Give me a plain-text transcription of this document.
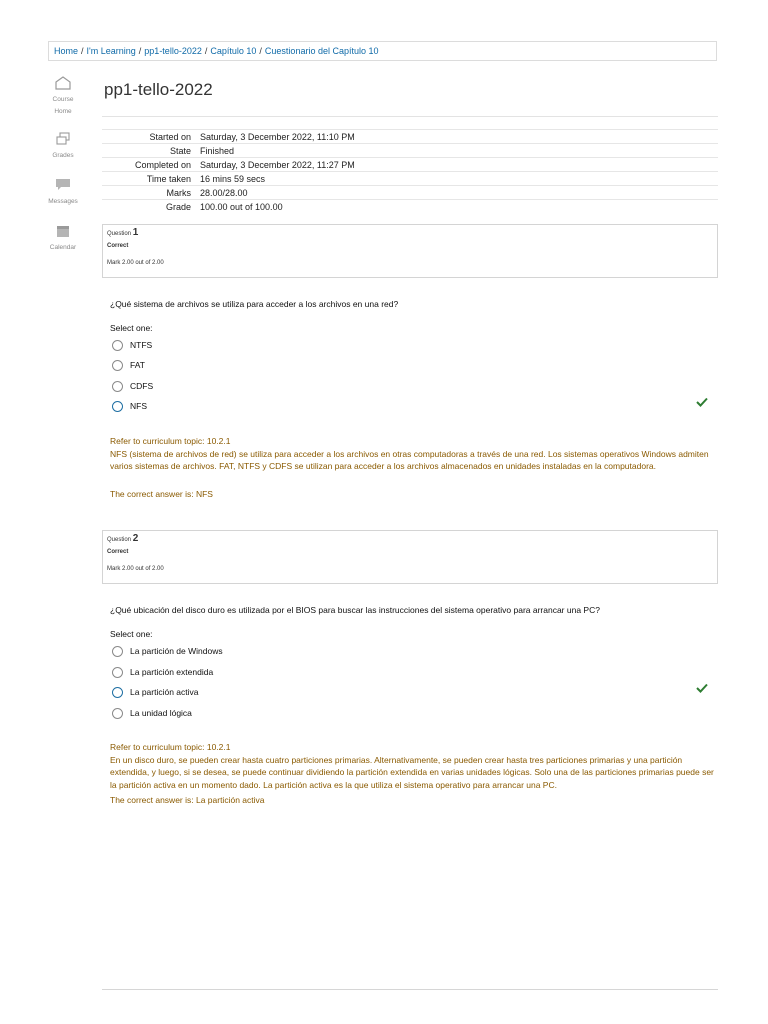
Home / I'm Learning / pp1-tello-2022 / Capítulo 10 / Cuestionario del Capítulo 10
Course
Home
Grades
Messages
Calendar
pp1-tello-2022
Started on	Saturday, 3 December 2022, 11:10 PM
State	Finished
Completed on	Saturday, 3 December 2022, 11:27 PM
Time taken	16 mins 59 secs
Marks	28.00/28.00
Grade	100.00 out of 100.00
Question 1
Correct
Mark 2.00 out of 2.00
¿Qué sistema de archivos se utiliza para acceder a los archivos en una red?
Select one:
NTFS
FAT
CDFS
NFS
Refer to curriculum topic: 10.2.1
NFS (sistema de archivos de red) se utiliza para acceder a los archivos en otras computadoras a través de una red. Los sistemas operativos Windows admiten varios sistemas de archivos. FAT, NTFS y CDFS se utilizan para acceder a los archivos almacenados en unidades instaladas en la computadora.
The correct answer is: NFS
Question 2
Correct
Mark 2.00 out of 2.00
¿Qué ubicación del disco duro es utilizada por el BIOS para buscar las instrucciones del sistema operativo para arrancar una PC?
Select one:
La partición de Windows
La partición extendida
La partición activa
La unidad lógica
Refer to curriculum topic: 10.2.1
En un disco duro, se pueden crear hasta cuatro particiones primarias. Alternativamente, se pueden crear hasta tres particiones primarias y una partición extendida, y luego, si se desea, se puede continuar dividiendo la partición extendida en varias unidades lógicas. Solo una de las particiones primarias puede ser la partición activa en un momento dado. La partición activa es la que utiliza el sistema operativo para arrancar una PC.
The correct answer is: La partición activa
